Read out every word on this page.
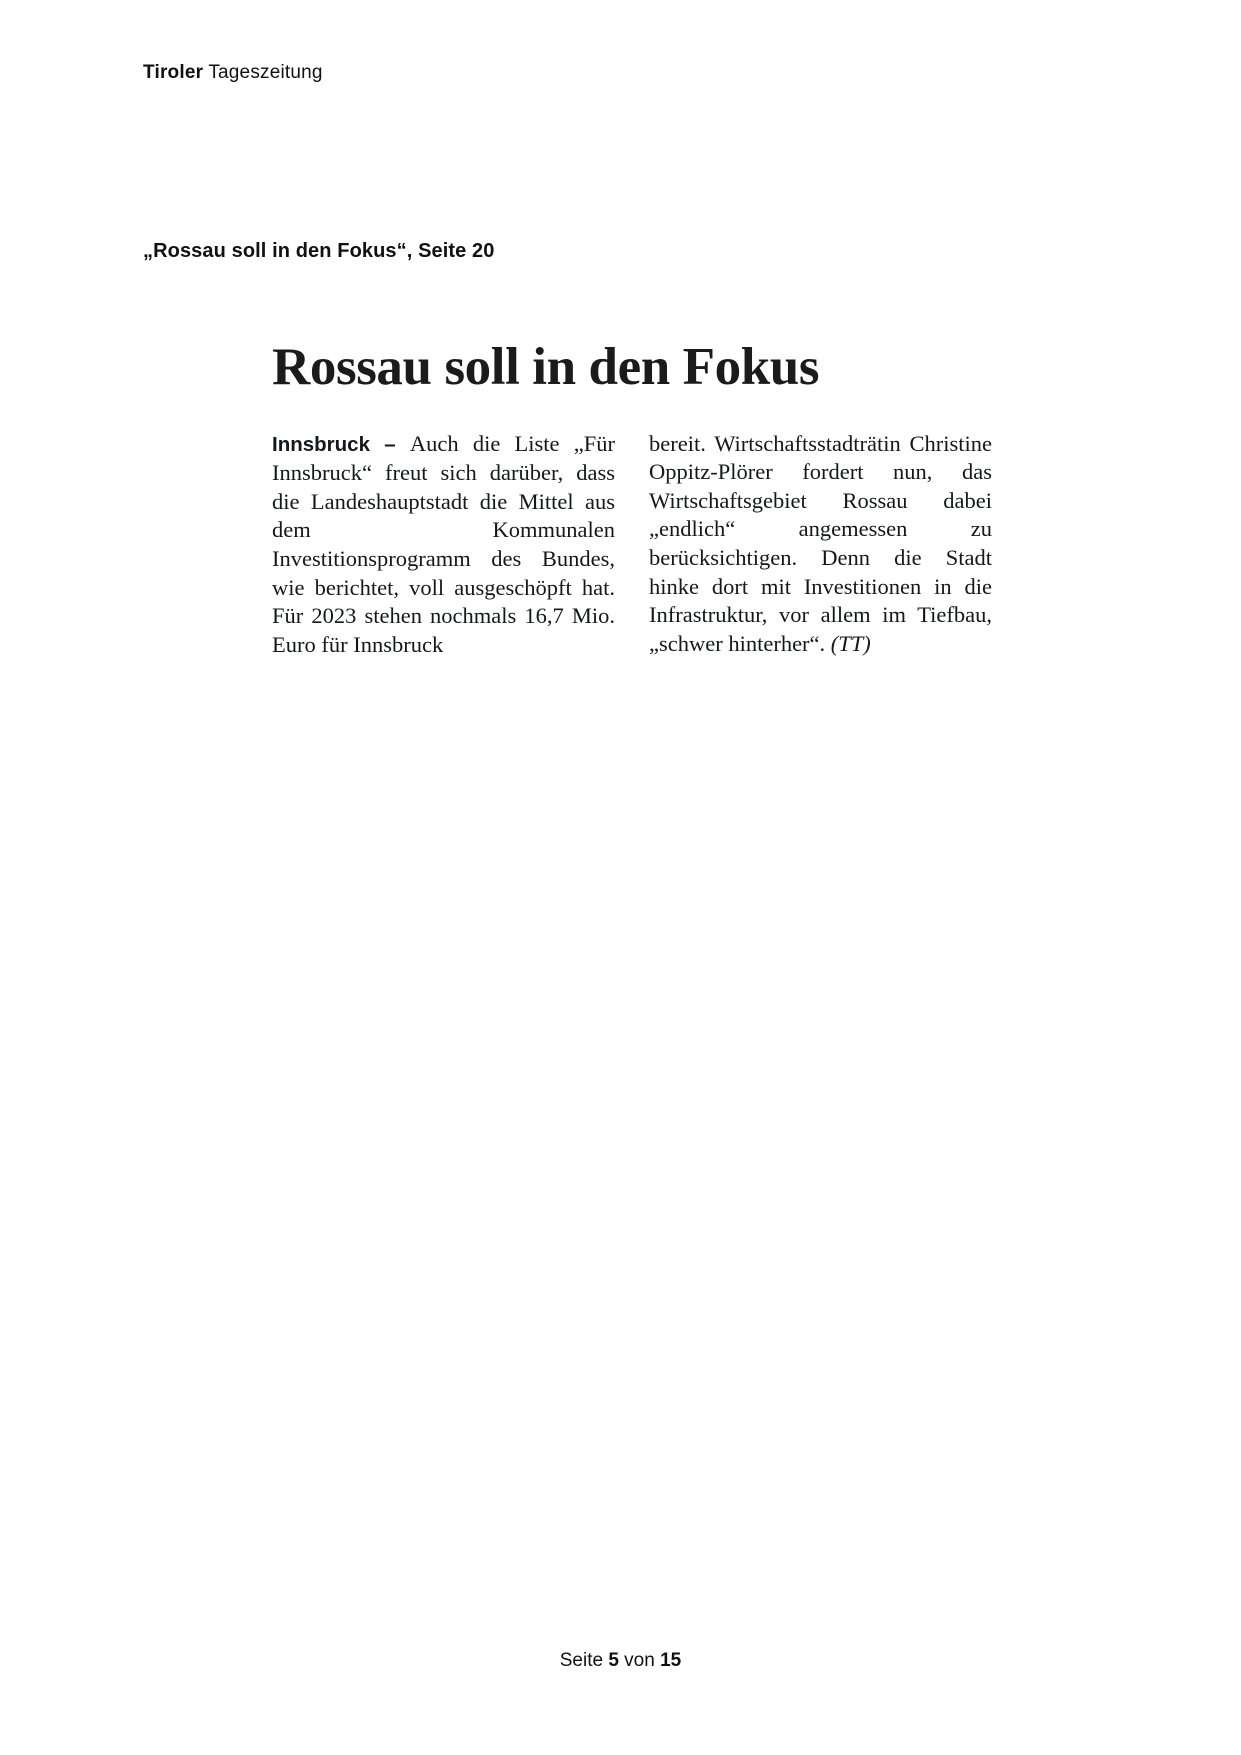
Tiroler Tageszeitung
„Rossau soll in den Fokus“, Seite 20
Rossau soll in den Fokus

Innsbruck – Auch die Liste „Für Innsbruck“ freut sich darüber, dass die Landeshauptstadt die Mittel aus dem Kommunalen Investitionsprogramm des Bundes, wie berichtet, voll ausgeschöpft hat. Für 2023 stehen nochmals 16,7 Mio. Euro für Innsbruck

bereit. Wirtschaftsstadträtin Christine Oppitz-Plörer fordert nun, das Wirtschaftsgebiet Rossau dabei „endlich“ angemessen zu berücksichtigen. Denn die Stadt hinke dort mit Investitionen in die Infrastruktur, vor allem im Tiefbau, „schwer hinterher“. (TT)

Seite 5 von 15
